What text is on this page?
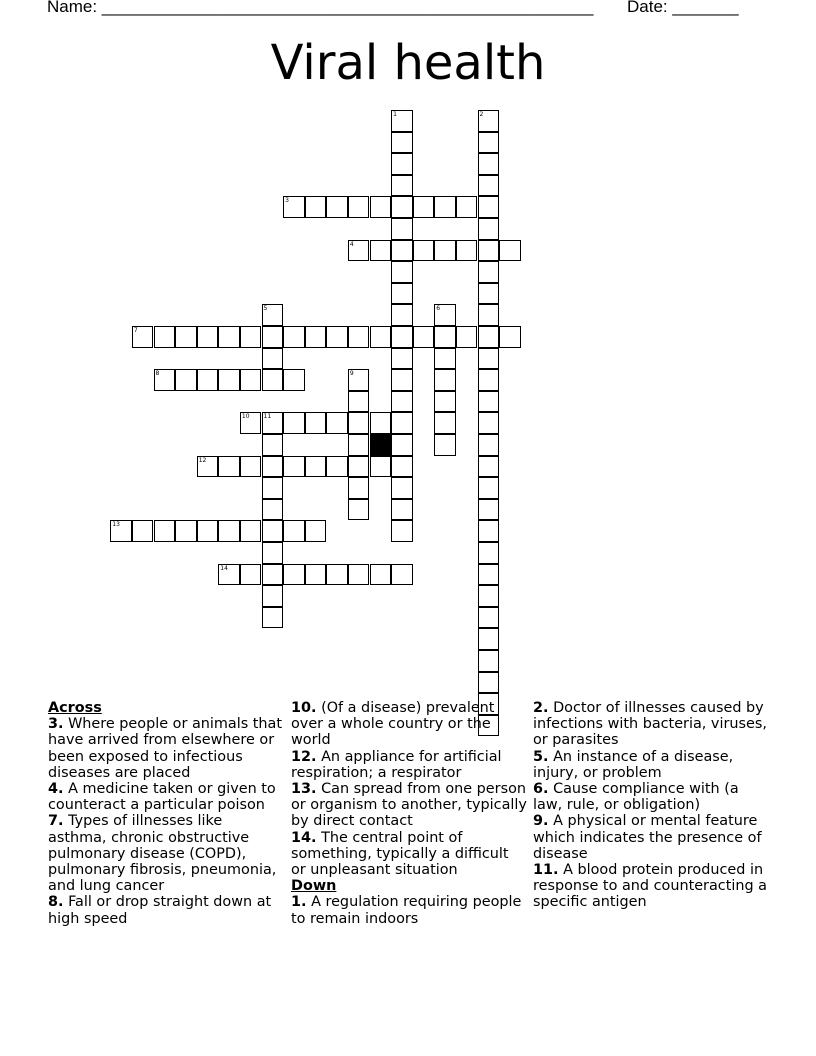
Name: ____________________________________________________ Date: _______
Viral health
1	2
3
4
5	6
7
8	9
10 11
12
13
14
Across

3. Where people or animals that have arrived from elsewhere or been exposed to infectious diseases are placed

4. A medicine taken or given to counteract a particular poison

7. Types of illnesses like asthma, chronic obstructive pulmonary disease (COPD), pulmonary fibrosis, pneumonia, and lung cancer

8. Fall or drop straight down at high speed

10. (Of a disease) prevalent over a whole country or the world

12. An appliance for artificial respiration; a respirator

13. Can spread from one person or organism to another, typically by direct contact

14. The central point of something, typically a difficult or unpleasant situation

Down

1. A regulation requiring people to remain indoors

2. Doctor of illnesses caused by infections with bacteria, viruses, or parasites

5. An instance of a disease, injury, or problem

6. Cause compliance with (a law, rule, or obligation)

9. A physical or mental feature which indicates the presence of disease

11. A blood protein produced in response to and counteracting a specific antigen
